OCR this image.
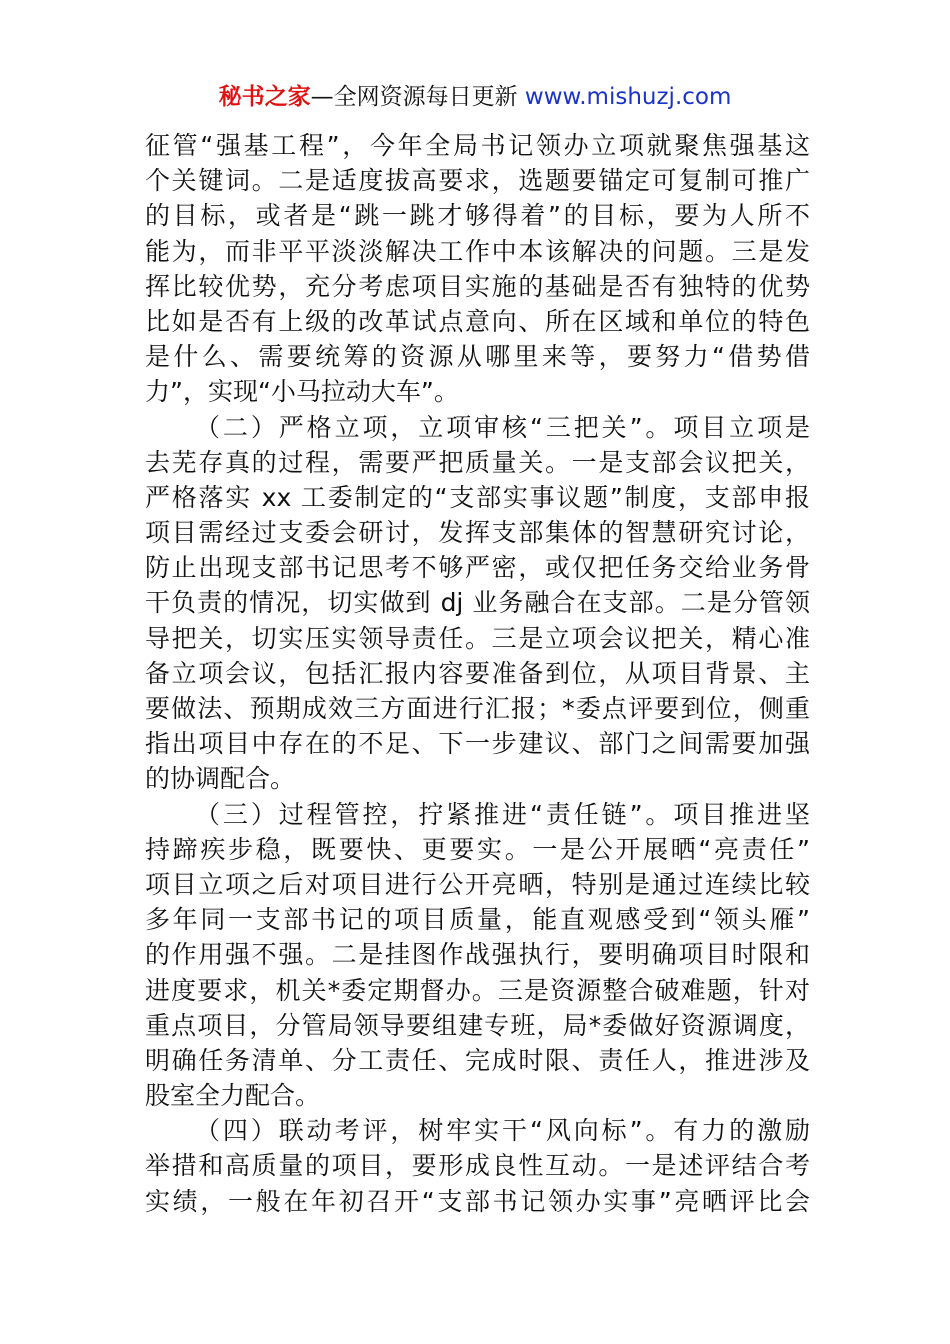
秘书之家—全网资源每日更新 www.mishuzj.com
征管“强基工程”，今年全局书记领办立项就聚焦强基这
个关键词。二是适度拔高要求，选题要锚定可复制可推广
的目标，或者是“跳一跳才够得着”的目标，要为人所不
能为，而非平平淡淡解决工作中本该解决的问题。三是发
挥比较优势，充分考虑项目实施的基础是否有独特的优势
比如是否有上级的改革试点意向、所在区域和单位的特色
是什么、需要统筹的资源从哪里来等，要努力“借势借
力”，实现“小马拉动大车”。
（二）严格立项，立项审核“三把关”。项目立项是
去芜存真的过程，需要严把质量关。一是支部会议把关，
严格落实 xx 工委制定的“支部实事议题”制度，支部申报
项目需经过支委会研讨，发挥支部集体的智慧研究讨论，
防止出现支部书记思考不够严密，或仅把任务交给业务骨
干负责的情况，切实做到 dj 业务融合在支部。二是分管领
导把关，切实压实领导责任。三是立项会议把关，精心准
备立项会议，包括汇报内容要准备到位，从项目背景、主
要做法、预期成效三方面进行汇报；*委点评要到位，侧重
指出项目中存在的不足、下一步建议、部门之间需要加强
的协调配合。
（三）过程管控，拧紧推进“责任链”。项目推进坚
持蹄疾步稳，既要快、更要实。一是公开展晒“亮责任”
项目立项之后对项目进行公开亮晒，特别是通过连续比较
多年同一支部书记的项目质量，能直观感受到“领头雁”
的作用强不强。二是挂图作战强执行，要明确项目时限和
进度要求，机关*委定期督办。三是资源整合破难题，针对
重点项目，分管局领导要组建专班，局*委做好资源调度，
明确任务清单、分工责任、完成时限、责任人，推进涉及
股室全力配合。
（四）联动考评，树牢实干“风向标”。有力的激励
举措和高质量的项目，要形成良性互动。一是述评结合考
实绩，一般在年初召开“支部书记领办实事”亮晒评比会
